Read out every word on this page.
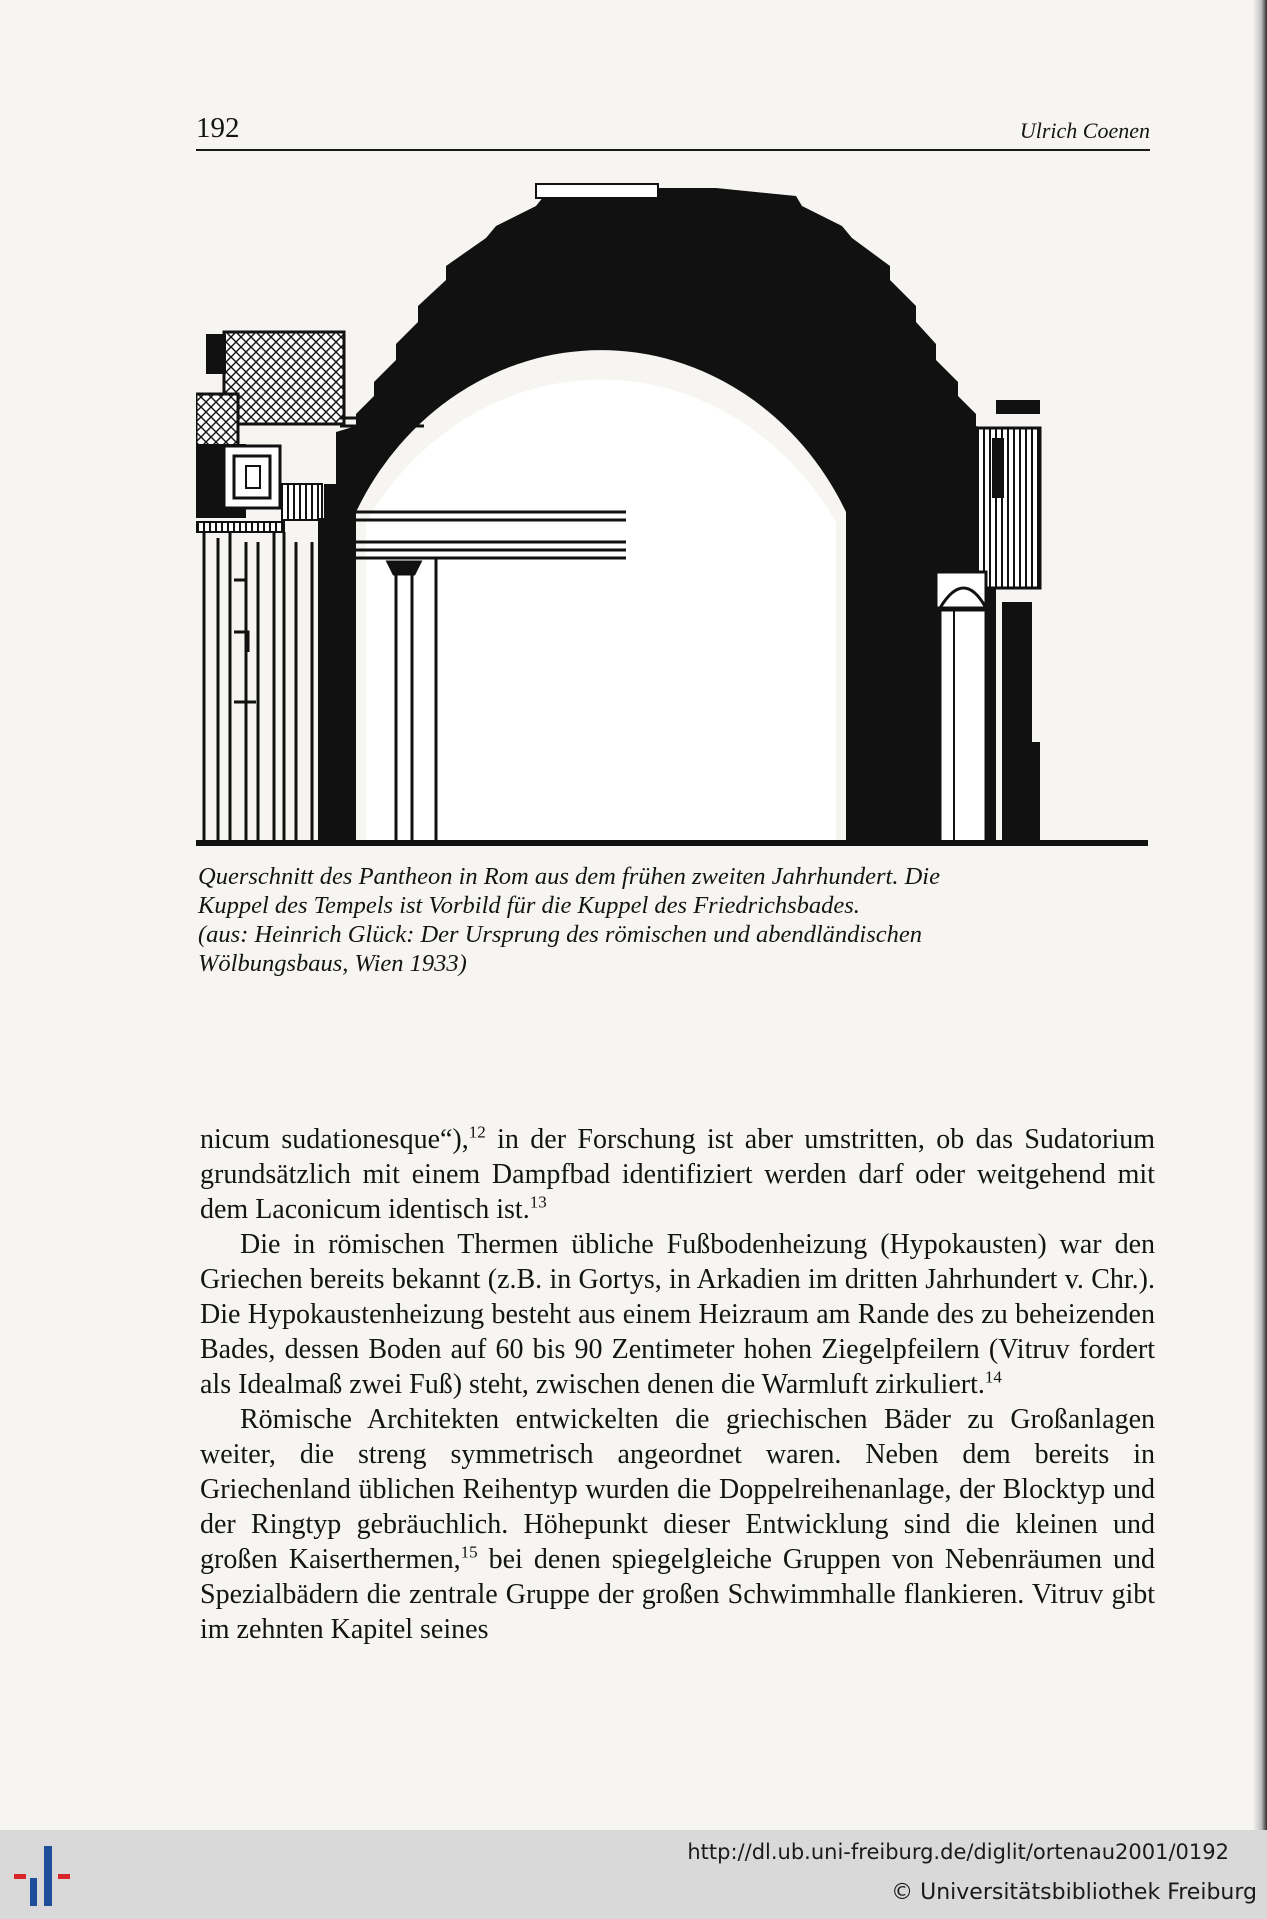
192	Ulrich Coenen
Querschnitt des Pantheon in Rom aus dem frühen zweiten Jahrhundert. Die
Kuppel des Tempels ist Vorbild für die Kuppel des Friedrichsbades.
(aus: Heinrich Glück: Der Ursprung des römischen und abendländischen
Wölbungsbaus, Wien 1933)

nicum sudationesque“),$^{12}$ in der Forschung ist aber umstritten, ob das Sudatorium grundsätzlich mit einem Dampfbad identifiziert werden darf oder weitgehend mit dem Laconicum identisch ist.$^{13}$

Die in römischen Thermen übliche Fußbodenheizung (Hypokausten) war den Griechen bereits bekannt (z.B. in Gortys, in Arkadien im dritten Jahrhundert v. Chr.). Die Hypokaustenheizung besteht aus einem Heizraum am Rande des zu beheizenden Bades, dessen Boden auf 60 bis 90 Zentimeter hohen Ziegelpfeilern (Vitruv fordert als Idealmaß zwei Fuß) steht, zwischen denen die Warmluft zirkuliert.$^{14}$

Römische Architekten entwickelten die griechischen Bäder zu Großanlagen weiter, die streng symmetrisch angeordnet waren. Neben dem bereits in Griechenland üblichen Reihentyp wurden die Doppelreihenanlage, der Blocktyp und der Ringtyp gebräuchlich. Höhepunkt dieser Entwicklung sind die kleinen und großen Kaiserthermen,$^{15}$ bei denen spiegelgleiche Gruppen von Nebenräumen und Spezialbädern die zentrale Gruppe der großen Schwimmhalle flankieren. Vitruv gibt im zehnten Kapitel seines

http://dl.ub.uni-freiburg.de/diglit/ortenau2001/0192
© Universitätsbibliothek Freiburg
